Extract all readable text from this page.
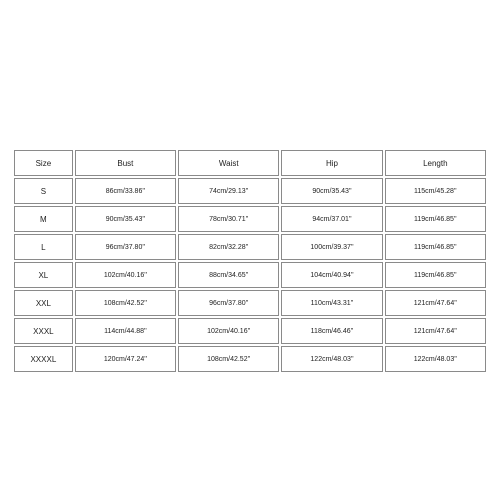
Size	Bust	Waist	Hip	Length
S	86cm/33.86''	74cm/29.13''	90cm/35.43''	115cm/45.28''
M	90cm/35.43''	78cm/30.71''	94cm/37.01''	119cm/46.85''
L	96cm/37.80''	82cm/32.28''	100cm/39.37''	119cm/46.85''
XL	102cm/40.16''	88cm/34.65''	104cm/40.94''	119cm/46.85''
XXL	108cm/42.52''	96cm/37.80''	110cm/43.31''	121cm/47.64''
XXXL	114cm/44.88''	102cm/40.16''	118cm/46.46''	121cm/47.64''
XXXXL	120cm/47.24''	108cm/42.52''	122cm/48.03''	122cm/48.03''
